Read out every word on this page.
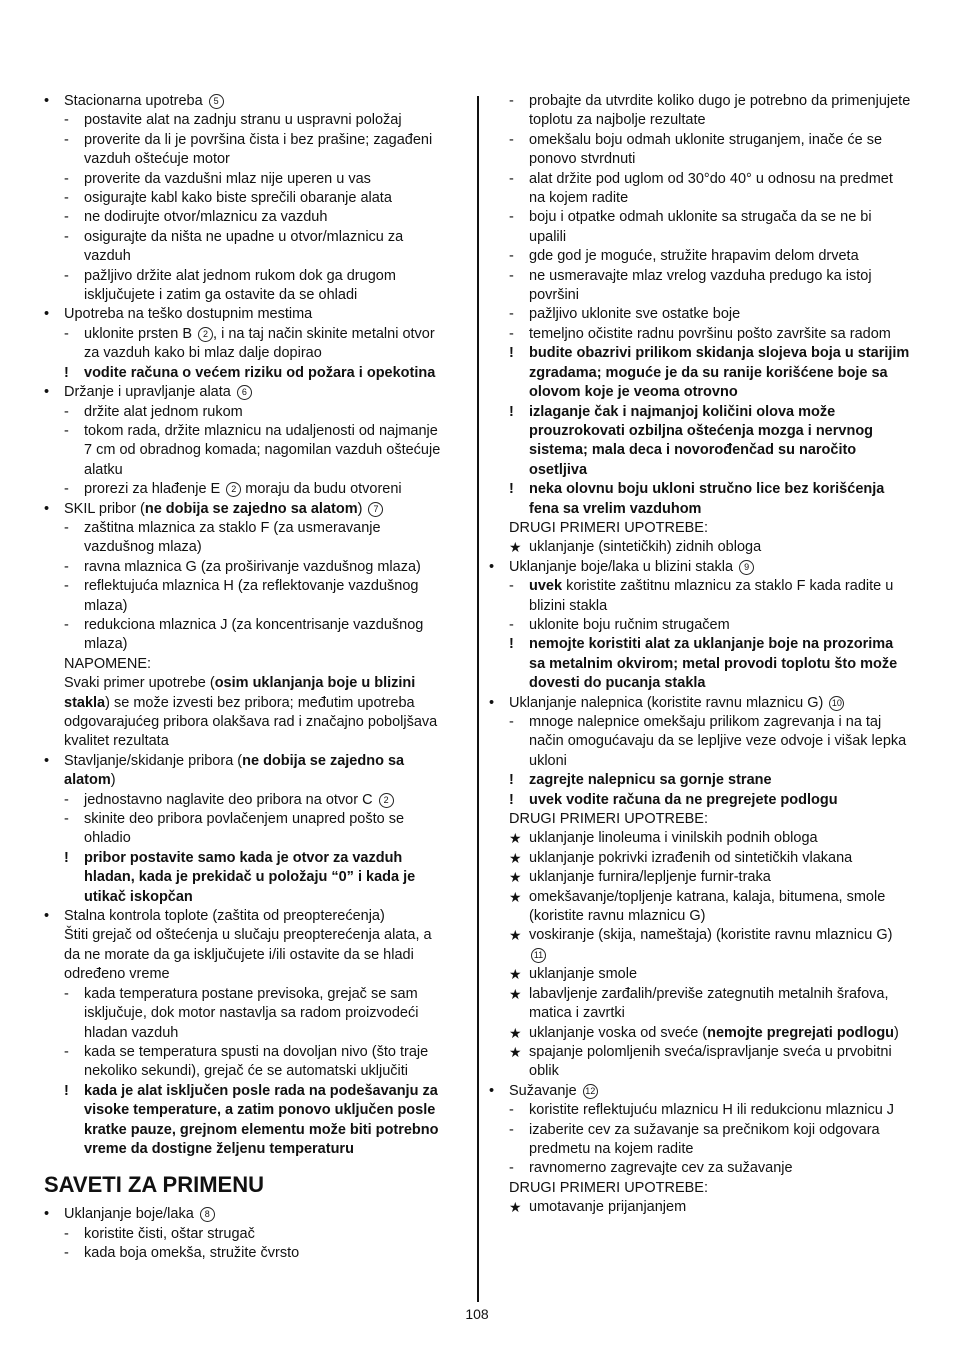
•	Stacionarna upotreba 5
-	postavite alat na zadnju stranu u uspravni položaj
-	proverite da li je površina čista i bez prašine; zagađeni vazduh oštećuje motor
-	proverite da vazdušni mlaz nije uperen u vas
-	osigurajte kabl kako biste sprečili obaranje alata
-	ne dodirujte otvor/mlaznicu za vazduh
-	osigurajte da ništa ne upadne u otvor/mlaznicu za vazduh
-	pažljivo držite alat jednom rukom dok ga drugom isključujete i zatim ga ostavite da se ohladi
•	Upotreba na teško dostupnim mestima
-	uklonite prsten B 2 , i na taj način skinite metalni otvor za vazduh kako bi mlaz dalje dopirao
!	vodite računa o većem riziku od požara i opekotina
•	Držanje i upravljanje alata 6
-	držite alat jednom rukom
-	tokom rada, držite mlaznicu na udaljenosti od najmanje 7 cm od obradnog komada; nagomilan vazduh oštećuje alatku
-	prorezi za hlađenje E 2 moraju da budu otvoreni
•	SKIL pribor (ne dobija se zajedno sa alatom) 7
-	zaštitna mlaznica za staklo F (za usmeravanje vazdušnog mlaza)
-	ravna mlaznica G (za proširivanje vazdušnog mlaza)
-	reflektujuća mlaznica H (za reflektovanje vazdušnog mlaza)
-	redukciona mlaznica J (za koncentrisanje vazdušnog mlaza)
NAPOMENE:
Svaki primer upotrebe (osim uklanjanja boje u blizini stakla) se može izvesti bez pribora; međutim upotreba odgovarajućeg pribora olakšava rad i značajno poboljšava kvalitet rezultata
•	Stavljanje/skidanje pribora (ne dobija se zajedno sa alatom)
-	jednostavno naglavite deo pribora na otvor C 2
-	skinite deo pribora povlačenjem unapred pošto se ohladio
!	pribor postavite samo kada je otvor za vazduh hladan, kada je prekidač u položaju “0” i kada je utikač iskopčan
•	Stalna kontrola toplote (zaštita od preopterećenja)
Štiti grejač od oštećenja u slučaju preopterećenja alata, a da ne morate da ga isključujete i/ili ostavite da se hladi određeno vreme
-	kada temperatura postane previsoka, grejač se sam isključuje, dok motor nastavlja sa radom proizvodeći hladan vazduh
-	kada se temperatura spusti na dovoljan nivo (što traje nekoliko sekundi), grejač će se automatski uključiti
!	kada je alat isključen posle rada na podešavanju za visoke temperature, a zatim ponovo uključen posle kratke pauze, grejnom elementu može biti potrebno vreme da dostigne željenu temperaturu
SAVETI ZA PRIMENU
•	Uklanjanje boje/laka 8
-	koristite čisti, oštar strugač
-	kada boja omekša, stružite čvrsto
-	probajte da utvrdite koliko dugo je potrebno da primenjujete toplotu za najbolje rezultate
-	omekšalu boju odmah uklonite struganjem, inače će se ponovo stvrdnuti
-	alat držite pod uglom od 30°do 40° u odnosu na predmet na kojem radite
-	boju i otpatke odmah uklonite sa strugača da se ne bi upalili
-	gde god je moguće, stružite hrapavim delom drveta
-	ne usmeravajte mlaz vrelog vazduha predugo ka istoj površini
-	pažljivo uklonite sve ostatke boje
-	temeljno očistite radnu površinu pošto završite sa radom
!	budite obazrivi prilikom skidanja slojeva boja u starijim zgradama; moguće je da su ranije korišćene boje sa olovom koje je veoma otrovno
!	izlaganje čak i najmanjoj količini olova može prouzrokovati ozbiljna oštećenja mozga i nervnog sistema; mala deca i novorođenčad su naročito osetljiva
!	neka olovnu boju ukloni stručno lice bez korišćenja fena sa vrelim vazduhom
DRUGI PRIMERI UPOTREBE:
★ uklanjanje (sintetičkih) zidnih obloga
•	Uklanjanje boje/laka u blizini stakla 9
-	uvek koristite zaštitnu mlaznicu za staklo F kada radite u blizini stakla
-	uklonite boju ručnim strugačem
!	nemojte koristiti alat za uklanjanje boje na prozorima sa metalnim okvirom; metal provodi toplotu što može dovesti do pucanja stakla
•	Uklanjanje nalepnica (koristite ravnu mlaznicu G) 10
-	mnoge nalepnice omekšaju prilikom zagrevanja i na taj način omogućavaju da se lepljive veze odvoje i višak lepka ukloni
!	zagrejte nalepnicu sa gornje strane
!	uvek vodite računa da ne pregrejete podlogu
DRUGI PRIMERI UPOTREBE:
★ uklanjanje linoleuma i vinilskih podnih obloga
★ uklanjanje pokrivki izrađenih od sintetičkih vlakana
★ uklanjanje furnira/lepljenje furnir-traka
★ omekšavanje/topljenje katrana, kalaja, bitumena, smole (koristite ravnu mlaznicu G)
★ voskiranje (skija, nameštaja) (koristite ravnu mlaznicu G) 11
★ uklanjanje smole
★ labavljenje zarđalih/previše zategnutih metalnih šrafova, matica i zavrtki
★ uklanjanje voska od sveće (nemojte pregrejati podlogu)
★ spajanje polomljenih sveća/ispravljanje sveća u prvobitni oblik
•	Sužavanje 12
-	koristite reflektujuću mlaznicu H ili redukcionu mlaznicu J
-	izaberite cev za sužavanje sa prečnikom koji odgovara predmetu na kojem radite
-	ravnomerno zagrevajte cev za sužavanje
DRUGI PRIMERI UPOTREBE:
★ umotavanje prijanjanjem
108
